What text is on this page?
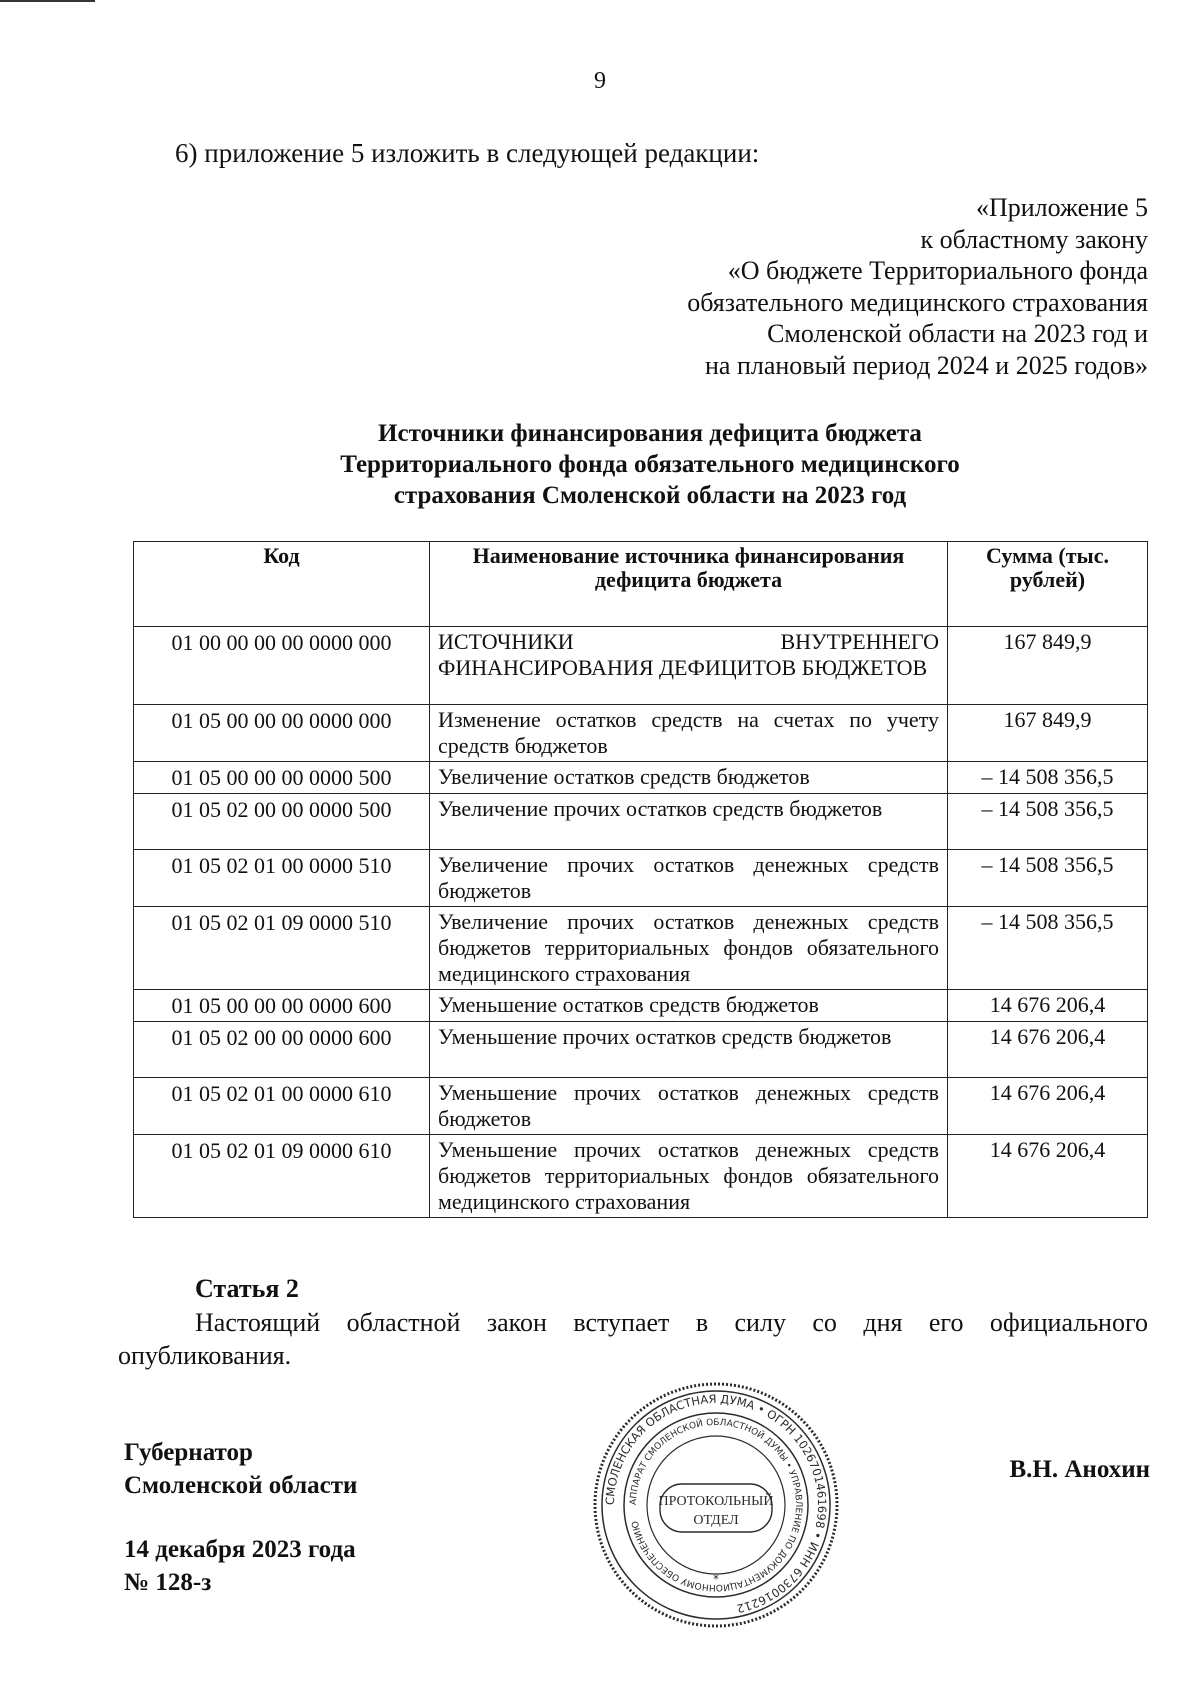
9
6) приложение 5 изложить в следующей редакции:
«Приложение 5
к областному закону
«О бюджете Территориального фонда
обязательного медицинского страхования
Смоленской области на 2023 год и
на плановый период 2024 и 2025 годов»
Источники финансирования дефицита бюджета
Территориального фонда обязательного медицинского
страхования Смоленской области на 2023 год
Код	Наименование источника финансирования дефицита бюджета	Сумма (тыс. рублей)
01 00 00 00 00 0000 000	ИСТОЧНИКИ ВНУТРЕННЕГО ФИНАНСИРОВАНИЯ ДЕФИЦИТОВ БЮДЖЕТОВ	167 849,9
01 05 00 00 00 0000 000	Изменение остатков средств на счетах по учету средств бюджетов	167 849,9
01 05 00 00 00 0000 500	Увеличение остатков средств бюджетов	– 14 508 356,5
01 05 02 00 00 0000 500	Увеличение прочих остатков средств бюджетов	– 14 508 356,5
01 05 02 01 00 0000 510	Увеличение прочих остатков денежных средств бюджетов	– 14 508 356,5
01 05 02 01 09 0000 510	Увеличение прочих остатков денежных средств бюджетов территориальных фондов обязательного медицинского страхования	– 14 508 356,5
01 05 00 00 00 0000 600	Уменьшение остатков средств бюджетов	14 676 206,4
01 05 02 00 00 0000 600	Уменьшение прочих остатков средств бюджетов	14 676 206,4
01 05 02 01 00 0000 610	Уменьшение прочих остатков денежных средств бюджетов	14 676 206,4
01 05 02 01 09 0000 610	Уменьшение прочих остатков денежных средств бюджетов территориальных фондов обязательного медицинского страхования	14 676 206,4
Статья 2
Настоящий областной закон вступает в силу со дня его официального опубликования.
Губернатор
Смоленской области
В.Н. Анохин
14 декабря 2023 года
№ 128-з
СМОЛЕНСКАЯ ОБЛАСТНАЯ ДУМА • ОГРН 1026701461698 • ИНН 6730016212
АППАРАТ СМОЛЕНСКОЙ ОБЛАСТНОЙ ДУМЫ • УПРАВЛЕНИЕ ПО ДОКУМЕНТАЦИОННОМУ ОБЕСПЕЧЕНИЮ
ПРОТОКОЛЬНЫЙ
ОТДЕЛ
*
